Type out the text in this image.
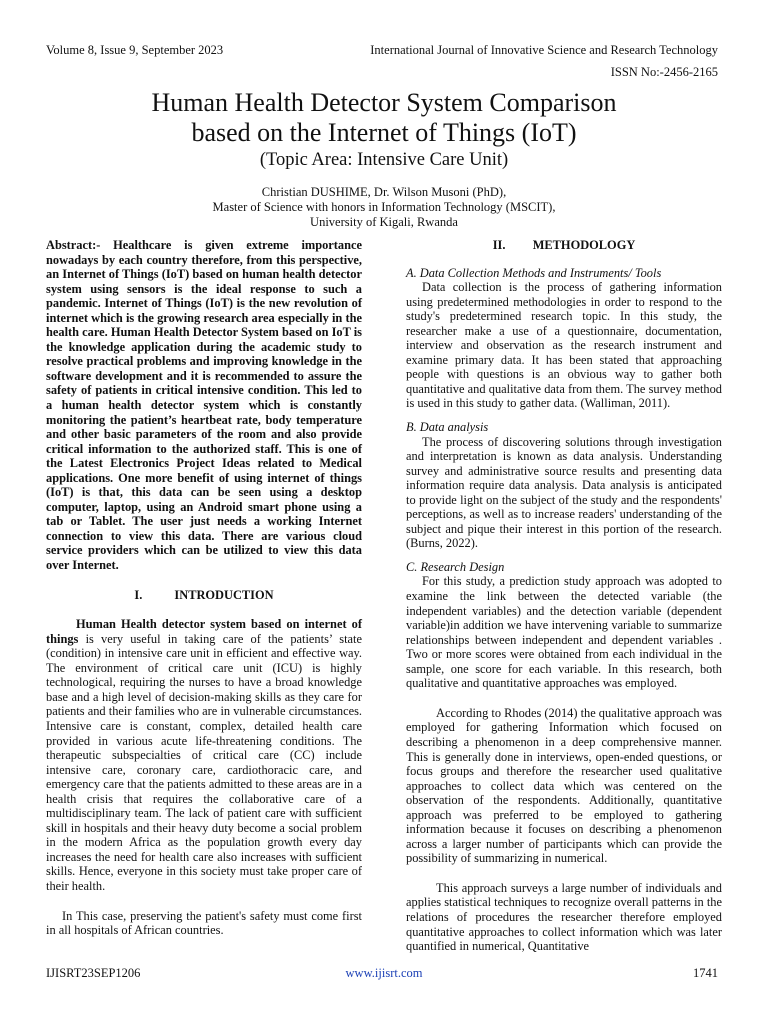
Volume 8, Issue 9, September 2023	International Journal of Innovative Science and Research Technology
ISSN No:-2456-2165
Human Health Detector System Comparison
based on the Internet of Things (IoT)
(Topic Area: Intensive Care Unit)
Christian DUSHIME, Dr. Wilson Musoni (PhD),
Master of Science with honors in Information Technology (MSCIT),
University of Kigali, Rwanda

Abstract:- Healthcare is given extreme importance nowadays by each country therefore, from this perspective, an Internet of Things (IoT) based on human health detector system using sensors is the ideal response to such a pandemic. Internet of Things (IoT) is the new revolution of internet which is the growing research area especially in the health care. Human Health Detector System based on IoT is the knowledge application during the academic study to resolve practical problems and improving knowledge in the software development and it is recommended to assure the safety of patients in critical intensive condition. This led to a human health detector system which is constantly monitoring the patient’s heartbeat rate, body temperature and other basic parameters of the room and also provide critical information to the authorized staff. This is one of the Latest Electronics Project Ideas related to Medical applications. One more benefit of using internet of things (IoT) is that, this data can be seen using a desktop computer, laptop, using an Android smart phone using a tab or Tablet. The user just needs a working Internet connection to view this data. There are various cloud service providers which can be utilized to view this data over Internet.

I.	INTRODUCTION

Human Health detector system based on internet of things is very useful in taking care of the patients’ state (condition) in intensive care unit in efficient and effective way. The environment of critical care unit (ICU) is highly technological, requiring the nurses to have a broad knowledge base and a high level of decision-making skills as they care for patients and their families who are in vulnerable circumstances. Intensive care is constant, complex, detailed health care provided in various acute life-threatening conditions. The therapeutic subspecialties of critical care (CC) include intensive care, coronary care, cardiothoracic care, and emergency care that the patients admitted to these areas are in a health crisis that requires the collaborative care of a multidisciplinary team. The lack of patient care with sufficient skill in hospitals and their heavy duty become a social problem in the modern Africa as the population growth every day increases the need for health care also increases with sufficient skills. Hence, everyone in this society must take proper care of their health.

In This case, preserving the patient's safety must come first in all hospitals of African countries.

II. METHODOLOGY

A. Data Collection Methods and Instruments/ Tools

Data collection is the process of gathering information using predetermined methodologies in order to respond to the study's predetermined research topic. In this study, the researcher make a use of a questionnaire, documentation, interview and observation as the research instrument and examine primary data. It has been stated that approaching people with questions is an obvious way to gather both quantitative and qualitative data from them. The survey method is used in this study to gather data. (Walliman, 2011).

B. Data analysis

The process of discovering solutions through investigation and interpretation is known as data analysis. Understanding survey and administrative source results and presenting data information require data analysis. Data analysis is anticipated to provide light on the subject of the study and the respondents' perceptions, as well as to increase readers' understanding of the subject and pique their interest in this portion of the research. (Burns, 2022).

C. Research Design

For this study, a prediction study approach was adopted to examine the link between the detected variable (the independent variables) and the detection variable (dependent variable)in addition we have intervening variable to summarize relationships between independent and dependent variables . Two or more scores were obtained from each individual in the sample, one score for each variable. In this research, both qualitative and quantitative approaches was employed.

According to Rhodes (2014) the qualitative approach was employed for gathering Information which focused on describing a phenomenon in a deep comprehensive manner. This is generally done in interviews, open-ended questions, or focus groups and therefore the researcher used qualitative approaches to collect data which was centered on the observation of the respondents. Additionally, quantitative approach was preferred to be employed to gathering information because it focuses on describing a phenomenon across a larger number of participants which can provide the possibility of summarizing in numerical.

This approach surveys a large number of individuals and applies statistical techniques to recognize overall patterns in the relations of procedures the researcher therefore employed quantitative approaches to collect information which was later quantified in numerical, Quantitative

IJISRT23SEP1206	www.ijisrt.com	1741
